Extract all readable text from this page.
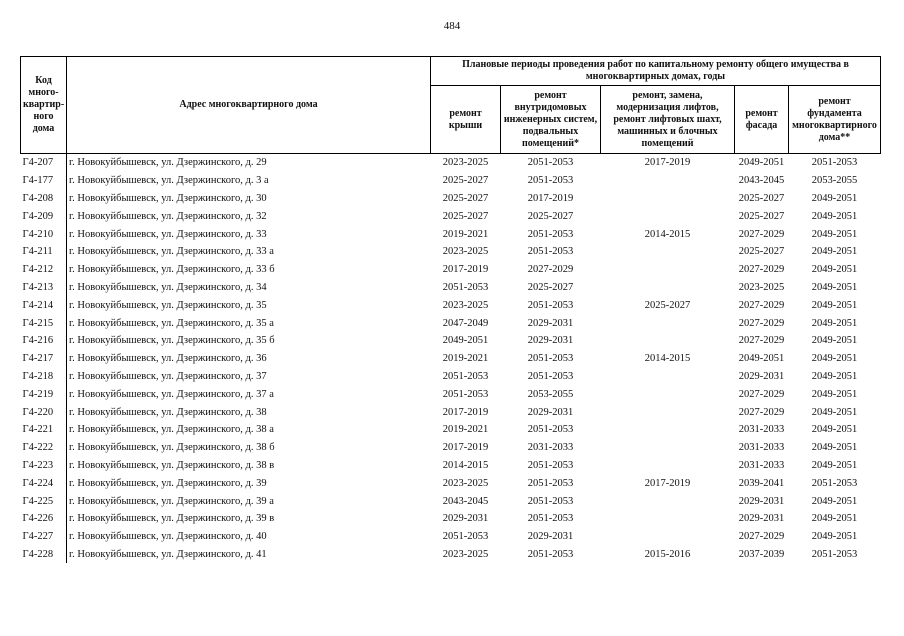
484
Код много-квартир-ного дома	Адрес многоквартирного дома	Плановые периоды проведения работ по капитальному ремонту общего имущества в многоквартирных домах, годы				
		ремонт крыши	ремонт внутридомовых инженерных систем, подвальных помещений*	ремонт, замена, модернизация лифтов, ремонт лифтовых шахт, машинных и блочных помещений	ремонт фасада	ремонт фундамента многоквартирного дома**
Г4-207	г. Новокуйбышевск, ул. Дзержинского, д. 29	2023-2025	2051-2053	2017-2019	2049-2051	2051-2053
Г4-177	г. Новокуйбышевск, ул. Дзержинского, д. 3 а	2025-2027	2051-2053		2043-2045	2053-2055
Г4-208	г. Новокуйбышевск, ул. Дзержинского, д. 30	2025-2027	2017-2019		2025-2027	2049-2051
Г4-209	г. Новокуйбышевск, ул. Дзержинского, д. 32	2025-2027	2025-2027		2025-2027	2049-2051
Г4-210	г. Новокуйбышевск, ул. Дзержинского, д. 33	2019-2021	2051-2053	2014-2015	2027-2029	2049-2051
Г4-211	г. Новокуйбышевск, ул. Дзержинского, д. 33 а	2023-2025	2051-2053		2025-2027	2049-2051
Г4-212	г. Новокуйбышевск, ул. Дзержинского, д. 33 б	2017-2019	2027-2029		2027-2029	2049-2051
Г4-213	г. Новокуйбышевск, ул. Дзержинского, д. 34	2051-2053	2025-2027		2023-2025	2049-2051
Г4-214	г. Новокуйбышевск, ул. Дзержинского, д. 35	2023-2025	2051-2053	2025-2027	2027-2029	2049-2051
Г4-215	г. Новокуйбышевск, ул. Дзержинского, д. 35 а	2047-2049	2029-2031		2027-2029	2049-2051
Г4-216	г. Новокуйбышевск, ул. Дзержинского, д. 35 б	2049-2051	2029-2031		2027-2029	2049-2051
Г4-217	г. Новокуйбышевск, ул. Дзержинского, д. 36	2019-2021	2051-2053	2014-2015	2049-2051	2049-2051
Г4-218	г. Новокуйбышевск, ул. Дзержинского, д. 37	2051-2053	2051-2053		2029-2031	2049-2051
Г4-219	г. Новокуйбышевск, ул. Дзержинского, д. 37 а	2051-2053	2053-2055		2027-2029	2049-2051
Г4-220	г. Новокуйбышевск, ул. Дзержинского, д. 38	2017-2019	2029-2031		2027-2029	2049-2051
Г4-221	г. Новокуйбышевск, ул. Дзержинского, д. 38 а	2019-2021	2051-2053		2031-2033	2049-2051
Г4-222	г. Новокуйбышевск, ул. Дзержинского, д. 38 б	2017-2019	2031-2033		2031-2033	2049-2051
Г4-223	г. Новокуйбышевск, ул. Дзержинского, д. 38 в	2014-2015	2051-2053		2031-2033	2049-2051
Г4-224	г. Новокуйбышевск, ул. Дзержинского, д. 39	2023-2025	2051-2053	2017-2019	2039-2041	2051-2053
Г4-225	г. Новокуйбышевск, ул. Дзержинского, д. 39 а	2043-2045	2051-2053		2029-2031	2049-2051
Г4-226	г. Новокуйбышевск, ул. Дзержинского, д. 39 в	2029-2031	2051-2053		2029-2031	2049-2051
Г4-227	г. Новокуйбышевск, ул. Дзержинского, д. 40	2051-2053	2029-2031		2027-2029	2049-2051
Г4-228	г. Новокуйбышевск, ул. Дзержинского, д. 41	2023-2025	2051-2053	2015-2016	2037-2039	2051-2053
